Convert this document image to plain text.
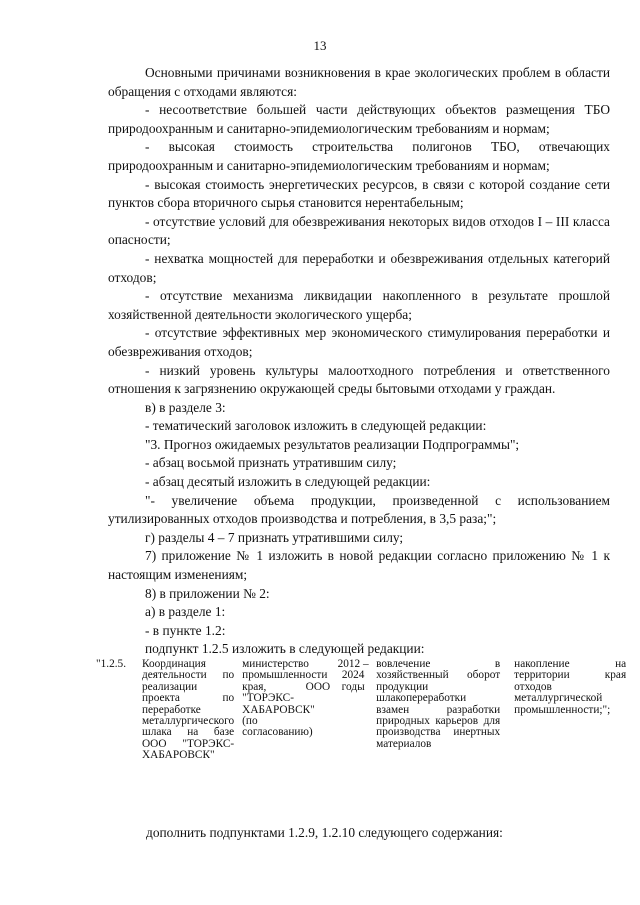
13

Основными причинами возникновения в крае экологических проблем в области обращения с отходами являются:

- несоответствие большей части действующих объектов размещения ТБО природоохранным и санитарно-эпидемиологическим требованиям и нормам;

- высокая стоимость строительства полигонов ТБО, отвечающих природоохранным и санитарно-эпидемиологическим требованиям и нормам;

- высокая стоимость энергетических ресурсов, в связи с которой создание сети пунктов сбора вторичного сырья становится нерентабельным;

- отсутствие условий для обезвреживания некоторых видов отходов I – III класса опасности;

- нехватка мощностей для переработки и обезвреживания отдельных категорий отходов;

- отсутствие механизма ликвидации накопленного в результате прошлой хозяйственной деятельности экологического ущерба;

- отсутствие эффективных мер экономического стимулирования переработки и обезвреживания отходов;

- низкий уровень культуры малоотходного потребления и ответственного отношения к загрязнению окружающей среды бытовыми отходами у граждан.

в) в разделе 3:

- тематический заголовок изложить в следующей редакции:

"3. Прогноз ожидаемых результатов реализации Подпрограммы";

- абзац восьмой признать утратившим силу;

- абзац десятый изложить в следующей редакции:

"- увеличение объема продукции, произведенной с использованием утилизированных отходов производства и потребления, в 3,5 раза;";

г) разделы 4 – 7 признать утратившими силу;

7) приложение № 1 изложить в новой редакции согласно приложению № 1 к настоящим изменениям;

8) в приложении № 2:

а) в разделе 1:

- в пункте 1.2:

подпункт 1.2.5 изложить в следующей редакции:

"1.2.5.	Координация деятельности по реализации проекта по переработке металлургического шлака на базе ООО "ТОРЭКС-ХАБАРОВСК"	министерство промышленности края, ООО "ТОРЭКС-ХАБАРОВСК" (по согласованию)	2012 – 2024 годы	вовлечение в хозяйственный оборот продукции шлакопереработки взамен разработки природных карьеров для производства инертных материалов	накопление на территории края отходов металлургической промышленности;";
дополнить подпунктами 1.2.9, 1.2.10 следующего содержания:
